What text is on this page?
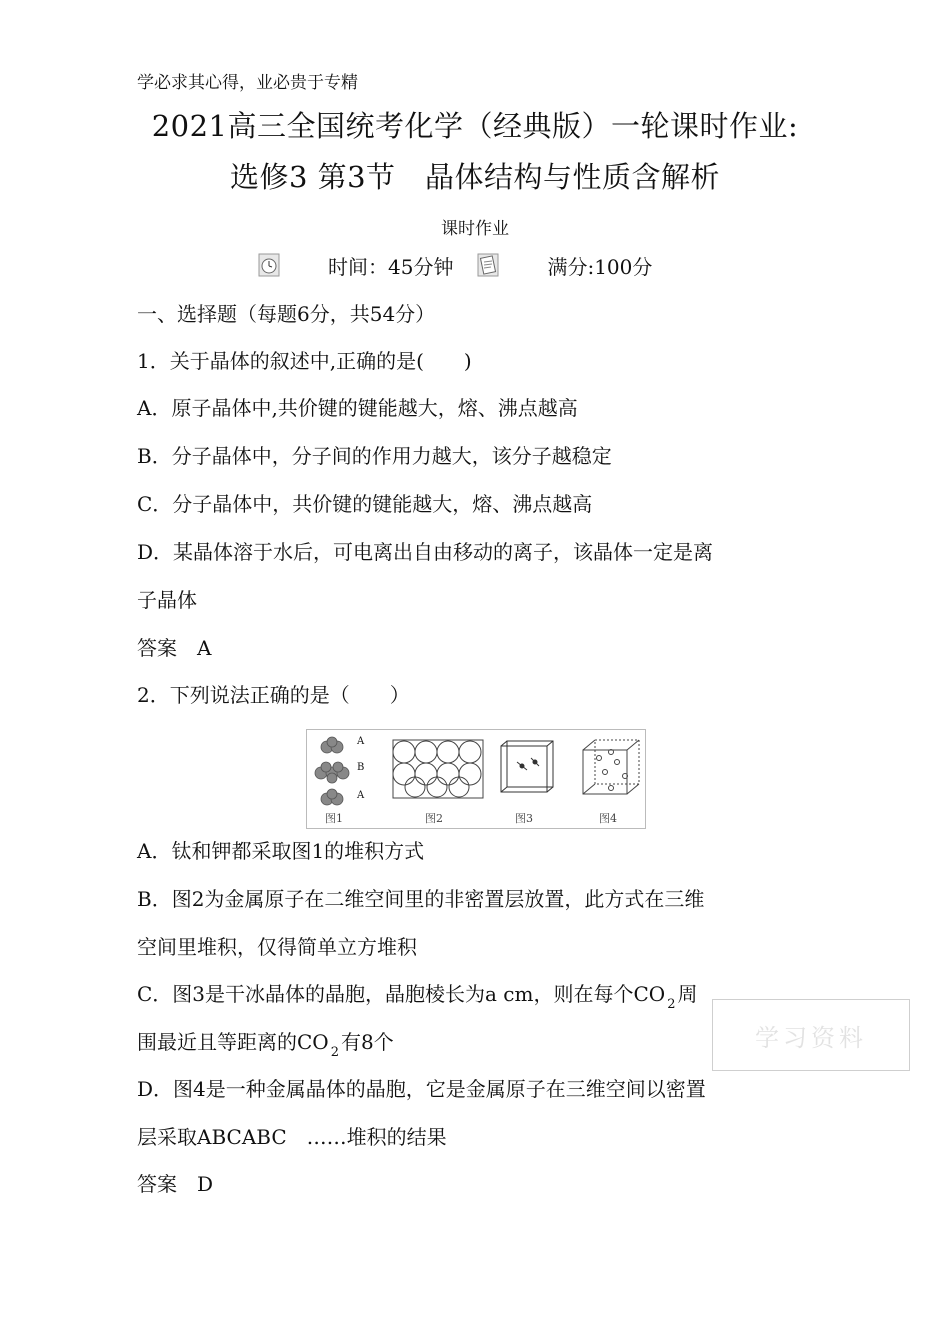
学必求其心得，业必贵于专精
2021高三全国统考化学（经典版）一轮课时作业:
选修3 第3节　晶体结构与性质含解析
课时作业
时间：45分钟	满分:100分
一、选择题（每题6分，共54分）
1．关于晶体的叙述中,正确的是(　　)
A．原子晶体中,共价键的键能越大，熔、沸点越高
B．分子晶体中，分子间的作用力越大，该分子越稳定
C．分子晶体中，共价键的键能越大，熔、沸点越高
D．某晶体溶于水后，可电离出自由移动的离子，该晶体一定是离
子晶体
答案　A
2．下列说法正确的是（　　）
A
B
A
图1	图2	图3	图4
A．钛和钾都采取图1的堆积方式
B．图2为金属原子在二维空间里的非密置层放置，此方式在三维
空间里堆积，仅得简单立方堆积
C．图3是干冰晶体的晶胞，晶胞棱长为a cm，则在每个CO $_2$ 周
围最近且等距离的CO $_2$ 有8个
D．图4是一种金属晶体的晶胞，它是金属原子在三维空间以密置
层采取ABCABC　……堆积的结果
答案　D
学习资料
